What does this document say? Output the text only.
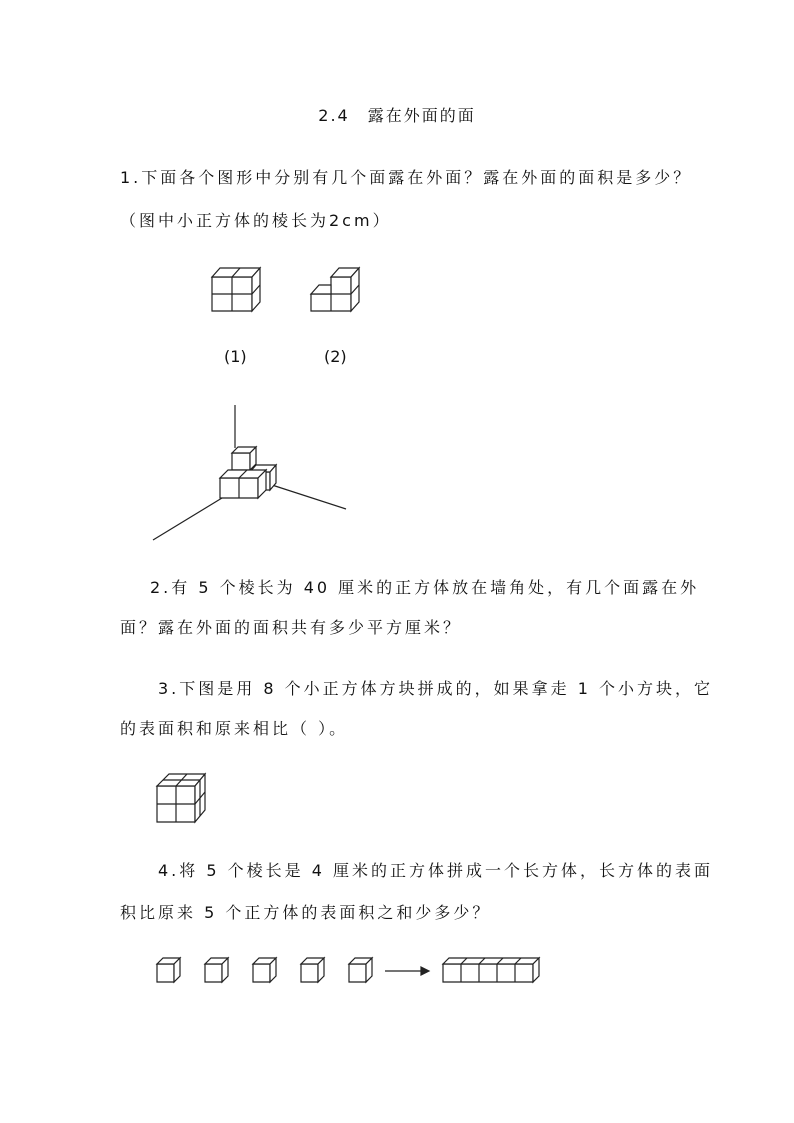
2.4　露在外面的面
1.下面各个图形中分别有几个面露在外面？露在外面的面积是多少？
（图中小正方体的棱长为2cm）
(1)	(2)
2.有 5 个棱长为 40 厘米的正方体放在墙角处，有几个面露在外
面？露在外面的面积共有多少平方厘米？
3.下图是用 8 个小正方体方块拼成的，如果拿走 1 个小方块，它
的表面积和原来相比（ ）。
4.将 5 个棱长是 4 厘米的正方体拼成一个长方体，长方体的表面
积比原来 5 个正方体的表面积之和少多少？
